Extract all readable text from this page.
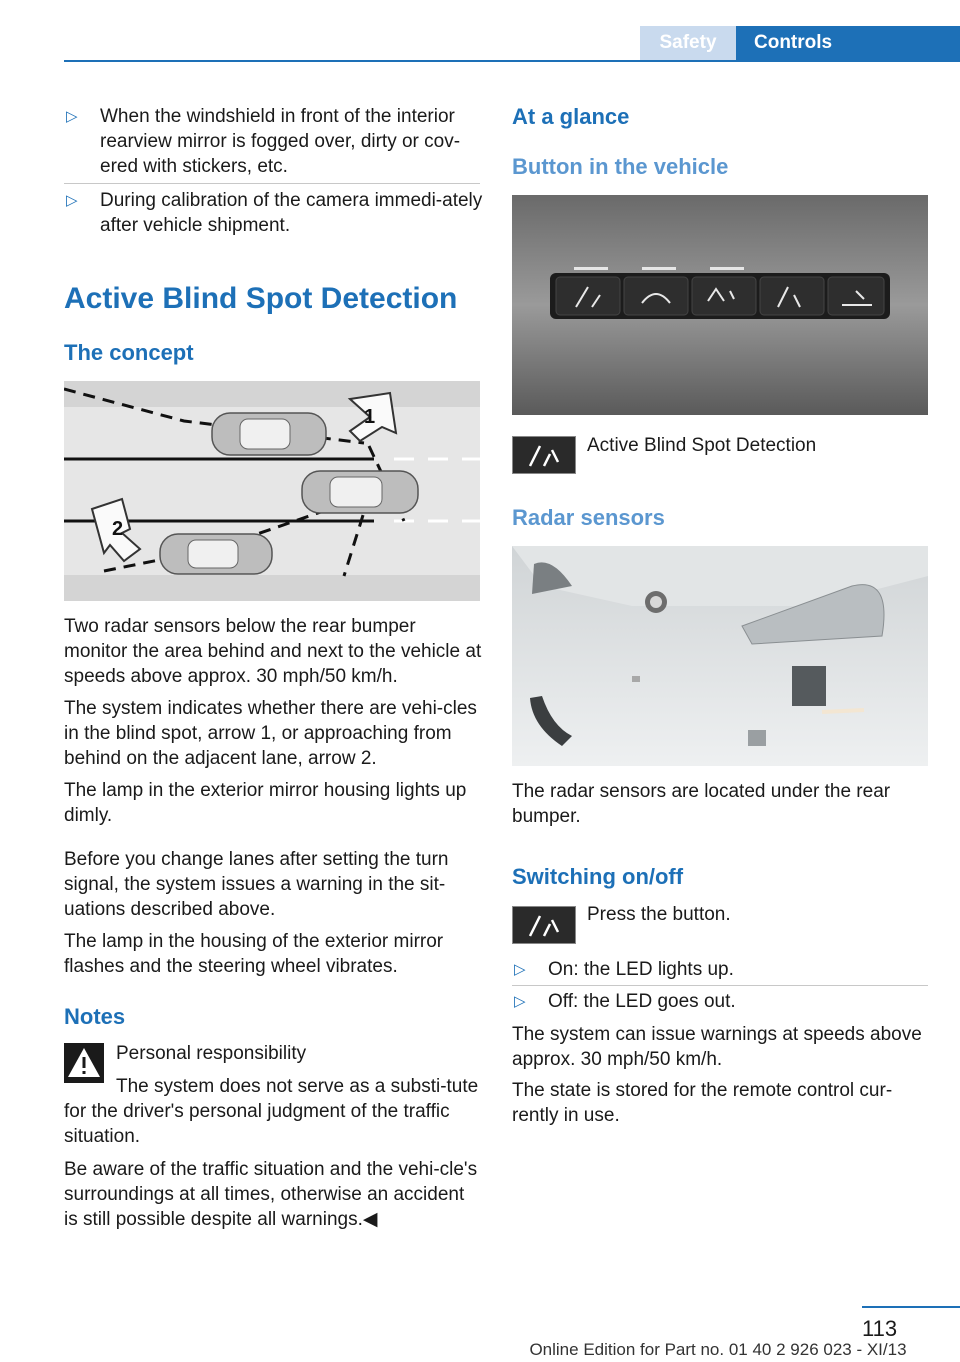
Safety	Controls
▷	When the windshield in front of the interior rearview mirror is fogged over, dirty or cov-ered with stickers, etc.
▷	During calibration of the camera immedi-ately after vehicle shipment.
Active Blind Spot Detection
The concept
1
2
Two radar sensors below the rear bumper monitor the area behind and next to the vehicle at speeds above approx. 30 mph/50 km/h.
The system indicates whether there are vehi-cles in the blind spot, arrow 1, or approaching from behind on the adjacent lane, arrow 2.
The lamp in the exterior mirror housing lights up dimly.
Before you change lanes after setting the turn signal, the system issues a warning in the sit-uations described above.
The lamp in the housing of the exterior mirror flashes and the steering wheel vibrates.
Notes
Personal responsibility
The system does not serve as a substi-tute for the driver's personal judgment of the traffic situation.
Be aware of the traffic situation and the vehi-cle's surroundings at all times, otherwise an accident is still possible despite all warnings.◀
At a glance
Button in the vehicle
Active Blind Spot Detection
Radar sensors
The radar sensors are located under the rear bumper.
Switching on/off
Press the button.
▷	On: the LED lights up.
▷	Off: the LED goes out.
The system can issue warnings at speeds above approx. 30 mph/50 km/h.
The state is stored for the remote control cur-rently in use.
113
Online Edition for Part no. 01 40 2 926 023 - XI/13
